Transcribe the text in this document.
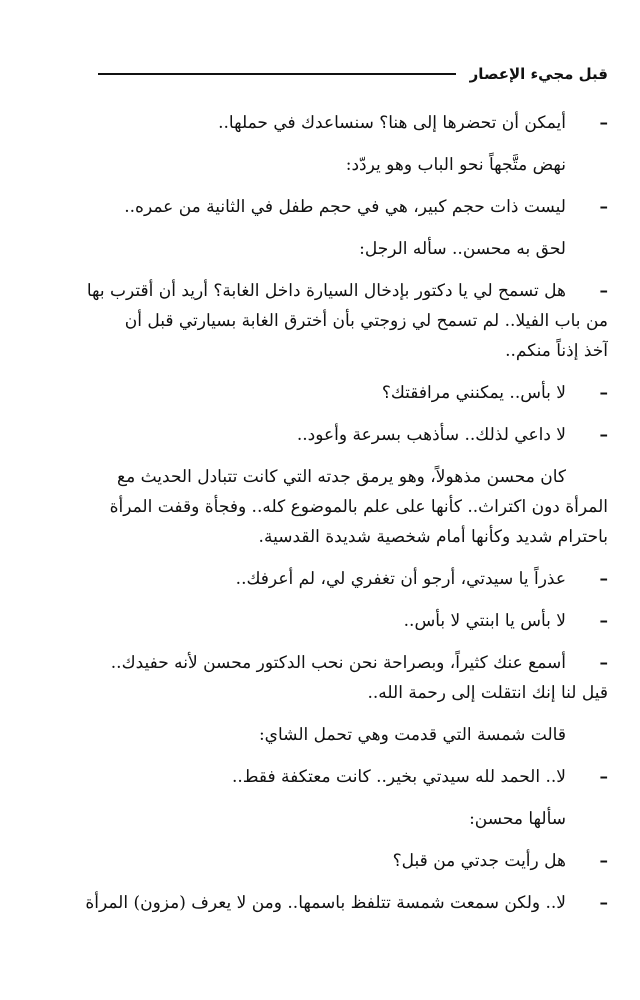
قبل مجيء الإعصار
–
أيمكن أن تحضرها إلى هنا؟ سنساعدك في حملها..
نهض متَّجهاً نحو الباب وهو يردّد:
–
ليست ذات حجم كبير، هي في حجم طفل في الثانية من عمره..
لحق به محسن.. سأله الرجل:
–
هل تسمح لي يا دكتور بإدخال السيارة داخل الغابة؟ أريد أن أقترب بها
من باب الفيلا.. لم تسمح لي زوجتي بأن أخترق الغابة بسيارتي قبل أن
آخذ إذناً منكم..
–
لا بأس.. يمكنني مرافقتك؟
–
لا داعي لذلك.. سأذهب بسرعة وأعود..
كان محسن مذهولاً، وهو يرمق جدته التي كانت تتبادل الحديث مع
المرأة دون اكتراث.. كأنها على علم بالموضوع كله.. وفجأة وقفت المرأة
باحترام شديد وكأنها أمام شخصية شديدة القدسية.
–
عذراً يا سيدتي، أرجو أن تغفري لي، لم أعرفك..
–
لا بأس يا ابنتي لا بأس..
–
أسمع عنك كثيراً، وبصراحة نحن نحب الدكتور محسن لأنه حفيدك..
قيل لنا إنك انتقلت إلى رحمة الله..
قالت شمسة التي قدمت وهي تحمل الشاي:
–
لا.. الحمد لله سيدتي بخير.. كانت معتكفة فقط..
سألها محسن:
–
هل رأيت جدتي من قبل؟
–
لا.. ولكن سمعت شمسة تتلفظ باسمها.. ومن لا يعرف (مزون) المرأة
